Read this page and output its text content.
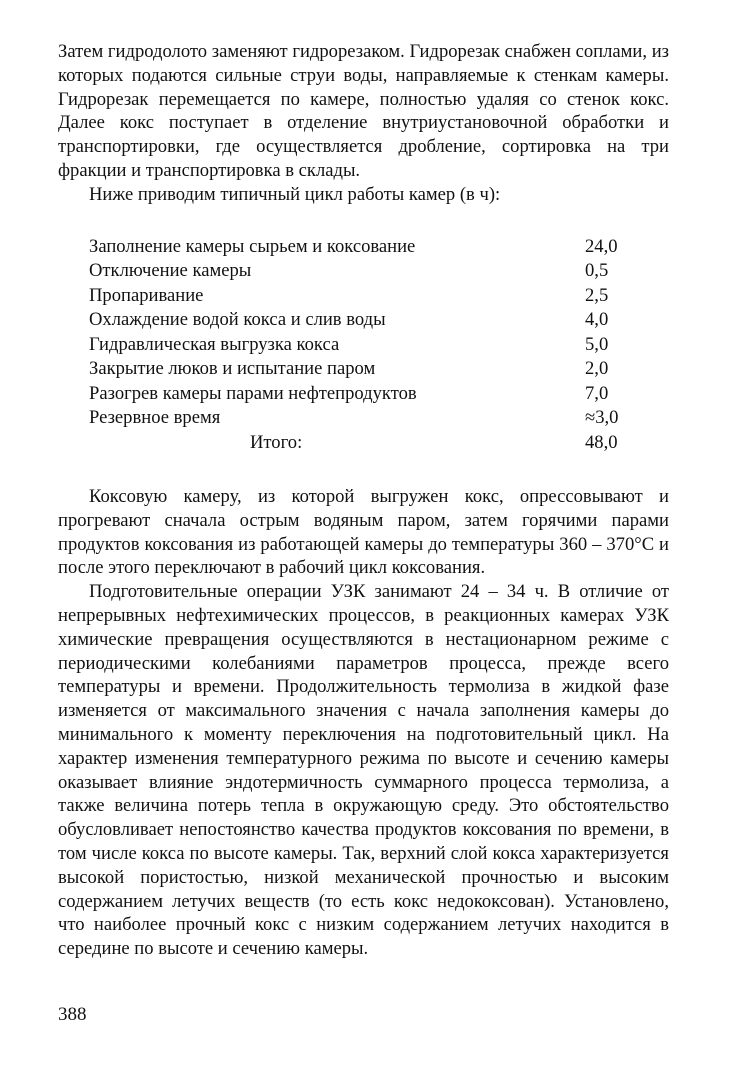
Затем гидродолото заменяют гидрорезаком. Гидрорезак снабжен соплами, из которых подаются сильные струи воды, направляемые к стенкам камеры. Гидрорезак перемещается по камере, полностью удаляя со стенок кокс. Далее кокс поступает в отделение внутриустановочной обработки и транспортировки, где осуществляется дробление, сортировка на три фракции и транспортировка в склады.

Ниже приводим типичный цикл работы камер (в ч):

Заполнение камеры сырьем и коксование	24,0
Отключение камеры	0,5
Пропаривание	2,5
Охлаждение водой кокса и слив воды	4,0
Гидравлическая выгрузка кокса	5,0
Закрытие люков и испытание паром	2,0
Разогрев камеры парами нефтепродуктов	7,0
Резервное время	≈3,0
Итого:	48,0

Коксовую камеру, из которой выгружен кокс, опрессовывают и прогревают сначала острым водяным паром, затем горячими парами продуктов коксования из работающей камеры до температуры 360 – 370°С и после этого переключают в рабочий цикл коксования.

Подготовительные операции УЗК занимают 24 – 34 ч. В отличие от непрерывных нефтехимических процессов, в реакционных камерах УЗК химические превращения осуществляются в нестационарном режиме с периодическими колебаниями параметров процесса, прежде всего температуры и времени. Продолжительность термолиза в жидкой фазе изменяется от максимального значения с начала заполнения камеры до минимального к моменту переключения на подготовительный цикл. На характер изменения температурного режима по высоте и сечению камеры оказывает влияние эндотермичность суммарного процесса термолиза, а также величина потерь тепла в окружающую среду. Это обстоятельство обусловливает непостоянство качества продуктов коксования по времени, в том числе кокса по высоте камеры. Так, верхний слой кокса характеризуется высокой пористостью, низкой механической прочностью и высоким содержанием летучих веществ (то есть кокс недококсован). Установлено, что наиболее прочный кокс с низким содержанием летучих находится в середине по высоте и сечению камеры.

388
